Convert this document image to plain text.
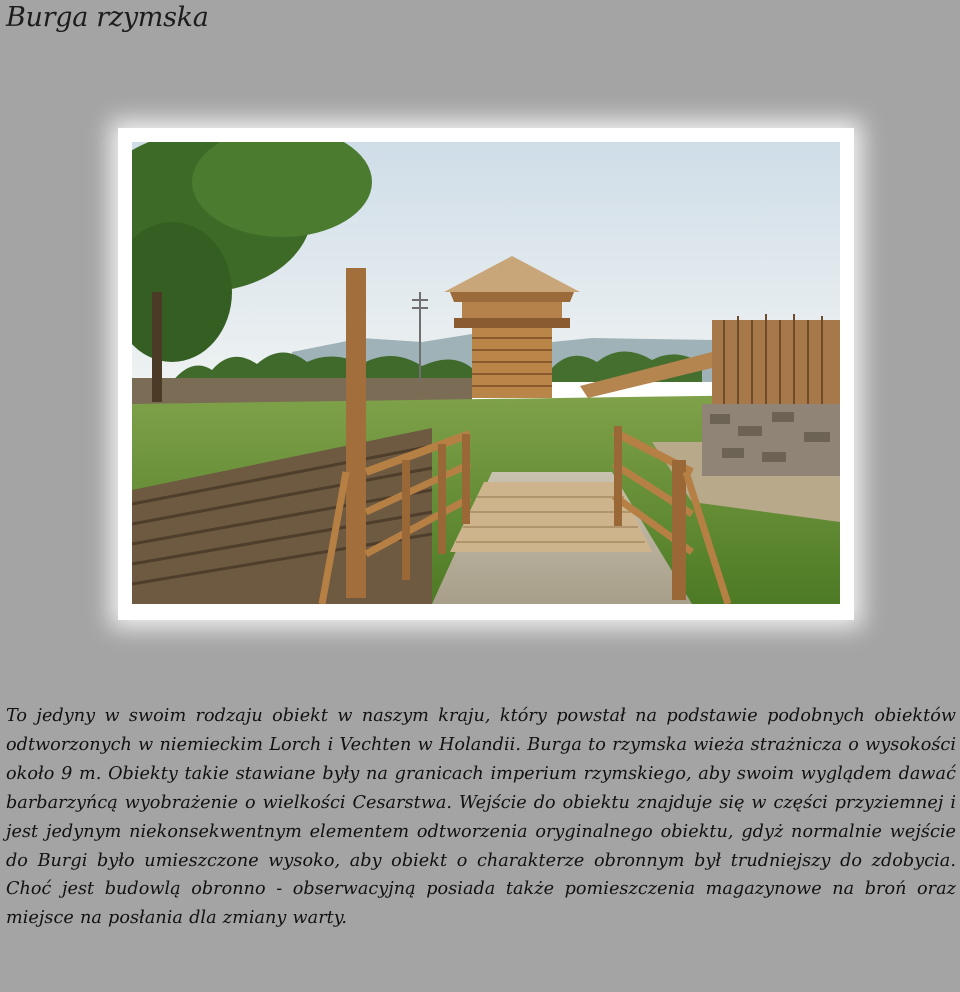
Burga rzymska

To jedyny w swoim rodzaju obiekt w naszym kraju, który powstał na podstawie podobnych obiektów odtworzonych w niemieckim Lorch i Vechten w Holandii. Burga to rzymska wieża strażnicza o wysokości około 9 m. Obiekty takie stawiane były na granicach imperium rzymskiego, aby swoim wyglądem dawać barbarzyńcą wyobrażenie o wielkości Cesarstwa. Wejście do obiektu znajduje się w części przyziemnej i jest jedynym niekonsekwentnym elementem odtworzenia oryginalnego obiektu, gdyż normalnie wejście do Burgi było umieszczone wysoko, aby obiekt o charakterze obronnym był trudniejszy do zdobycia. Choć jest budowlą obronno - obserwacyjną posiada także pomieszczenia magazynowe na broń oraz miejsce na posłania dla zmiany warty.
